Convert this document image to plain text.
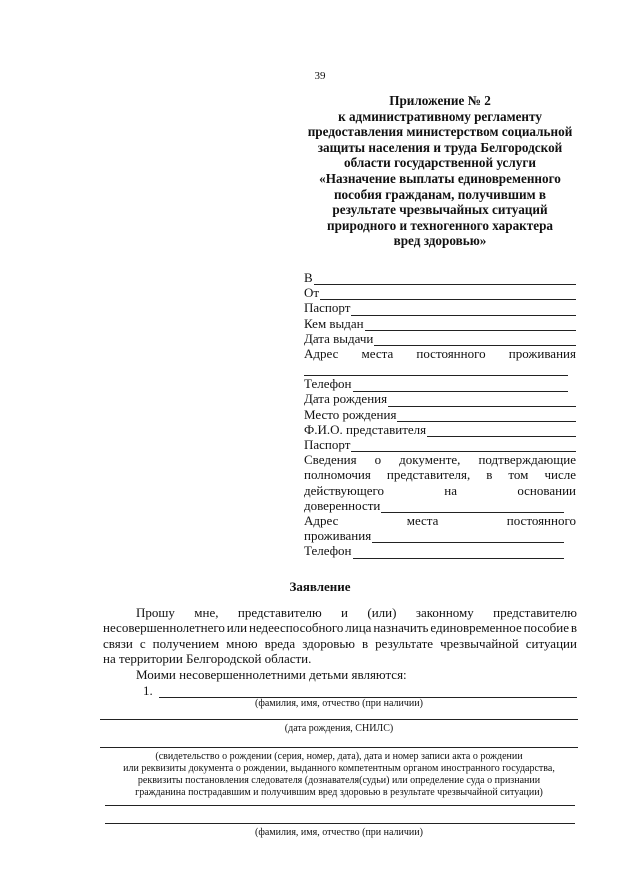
39
Приложение № 2
к административному регламенту
предоставления министерством социальной
защиты населения и труда Белгородской
области государственной услуги
«Назначение выплаты единовременного
пособия гражданам, получившим в
результате чрезвычайных ситуаций
природного и техногенного характера
вред здоровью»
В
От
Паспорт
Кем выдан
Дата выдачи
Адрес места постоянного проживания
Телефон
Дата рождения
Место рождения
Ф.И.О. представителя
Паспорт
Сведения о документе, подтверждающие
полномочия представителя, в том числе
действующего	на	основании
доверенности
Адрес	места	постоянного
проживания
Телефон
Заявление
Прошу мне, представителю и (или) законному представителю
несовершеннолетнего или недееспособного лица назначить единовременное пособие в
связи с получением мною вреда здоровью в результате чрезвычайной ситуации
на территории Белгородской области.
Моими несовершеннолетними детьми являются:
1.
(фамилия, имя, отчество (при наличии)
(дата рождения, СНИЛС)
(свидетельство о рождении (серия, номер, дата), дата и номер записи акта о рождении
или реквизиты документа о рождении, выданного компетентным органом иностранного государства,
реквизиты постановления следователя (дознавателя(судьи) или определение суда о признании
гражданина пострадавшим и получившим вред здоровью в результате чрезвычайной ситуации)
(фамилия, имя, отчество (при наличии)
